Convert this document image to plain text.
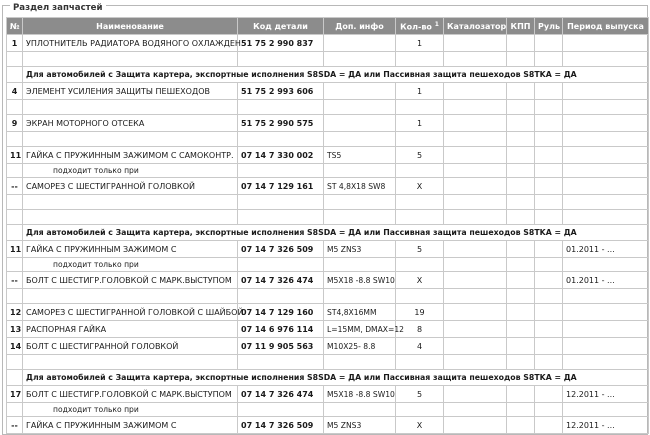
Раздел запчастей
№	Наименование	Код детали	Доп. инфо	Кол-во $^1$	Каталозатор	КПП	Руль	Период выпуска
1	УПЛОТНИТЕЛЬ РАДИАТОРА ВОДЯНОГО ОХЛАЖДЕН.	51 75 2 990 837		1				

	Для автомобилей с Защита картера, экспортные исполнения S8SDA = ДА или Пассивная защита пешеходов S8TKA = ДА							
4	ЭЛЕМЕНТ УСИЛЕНИЯ ЗАЩИТЫ ПЕШЕХОДОВ	51 75 2 993 606		1				

9	ЭКРАН МОТОРНОГО ОТСЕКА	51 75 2 990 575		1				

11	ГАЙКА С ПРУЖИННЫМ ЗАЖИМОМ С САМОКОНТР.	07 14 7 330 002	TS5	5				
	подходит только при							
--	САМОРЕЗ С ШЕСТИГРАННОЙ ГОЛОВКОЙ	07 14 7 129 161	ST 4,8X18 SW8	X				

	Для автомобилей с Защита картера, экспортные исполнения S8SDA = ДА или Пассивная защита пешеходов S8TKA = ДА							
11	ГАЙКА С ПРУЖИННЫМ ЗАЖИМОМ С	07 14 7 326 509	M5 ZNS3	5				01.2011 - ...
	подходит только при							
--	БОЛТ С ШЕСТИГР.ГОЛОВКОЙ С МАРК.ВЫСТУПОМ	07 14 7 326 474	M5X18 -8.8 SW10	X				01.2011 - ...

12	САМОРЕЗ С ШЕСТИГРАННОЙ ГОЛОВКОЙ С ШАЙБОЙ	07 14 7 129 160	ST4,8X16MM	19				
13	РАСПОРНАЯ ГАЙКА	07 14 6 976 114	L=15MM, DMAX=12	8				
14	БОЛТ С ШЕСТИГРАННОЙ ГОЛОВКОЙ	07 11 9 905 563	M10X25- 8.8	4				

	Для автомобилей с Защита картера, экспортные исполнения S8SDA = ДА или Пассивная защита пешеходов S8TKA = ДА							
17	БОЛТ С ШЕСТИГР.ГОЛОВКОЙ С МАРК.ВЫСТУПОМ	07 14 7 326 474	M5X18 -8.8 SW10	5				12.2011 - ...
	подходит только при							
--	ГАЙКА С ПРУЖИННЫМ ЗАЖИМОМ С	07 14 7 326 509	M5 ZNS3	X				12.2011 - ...
